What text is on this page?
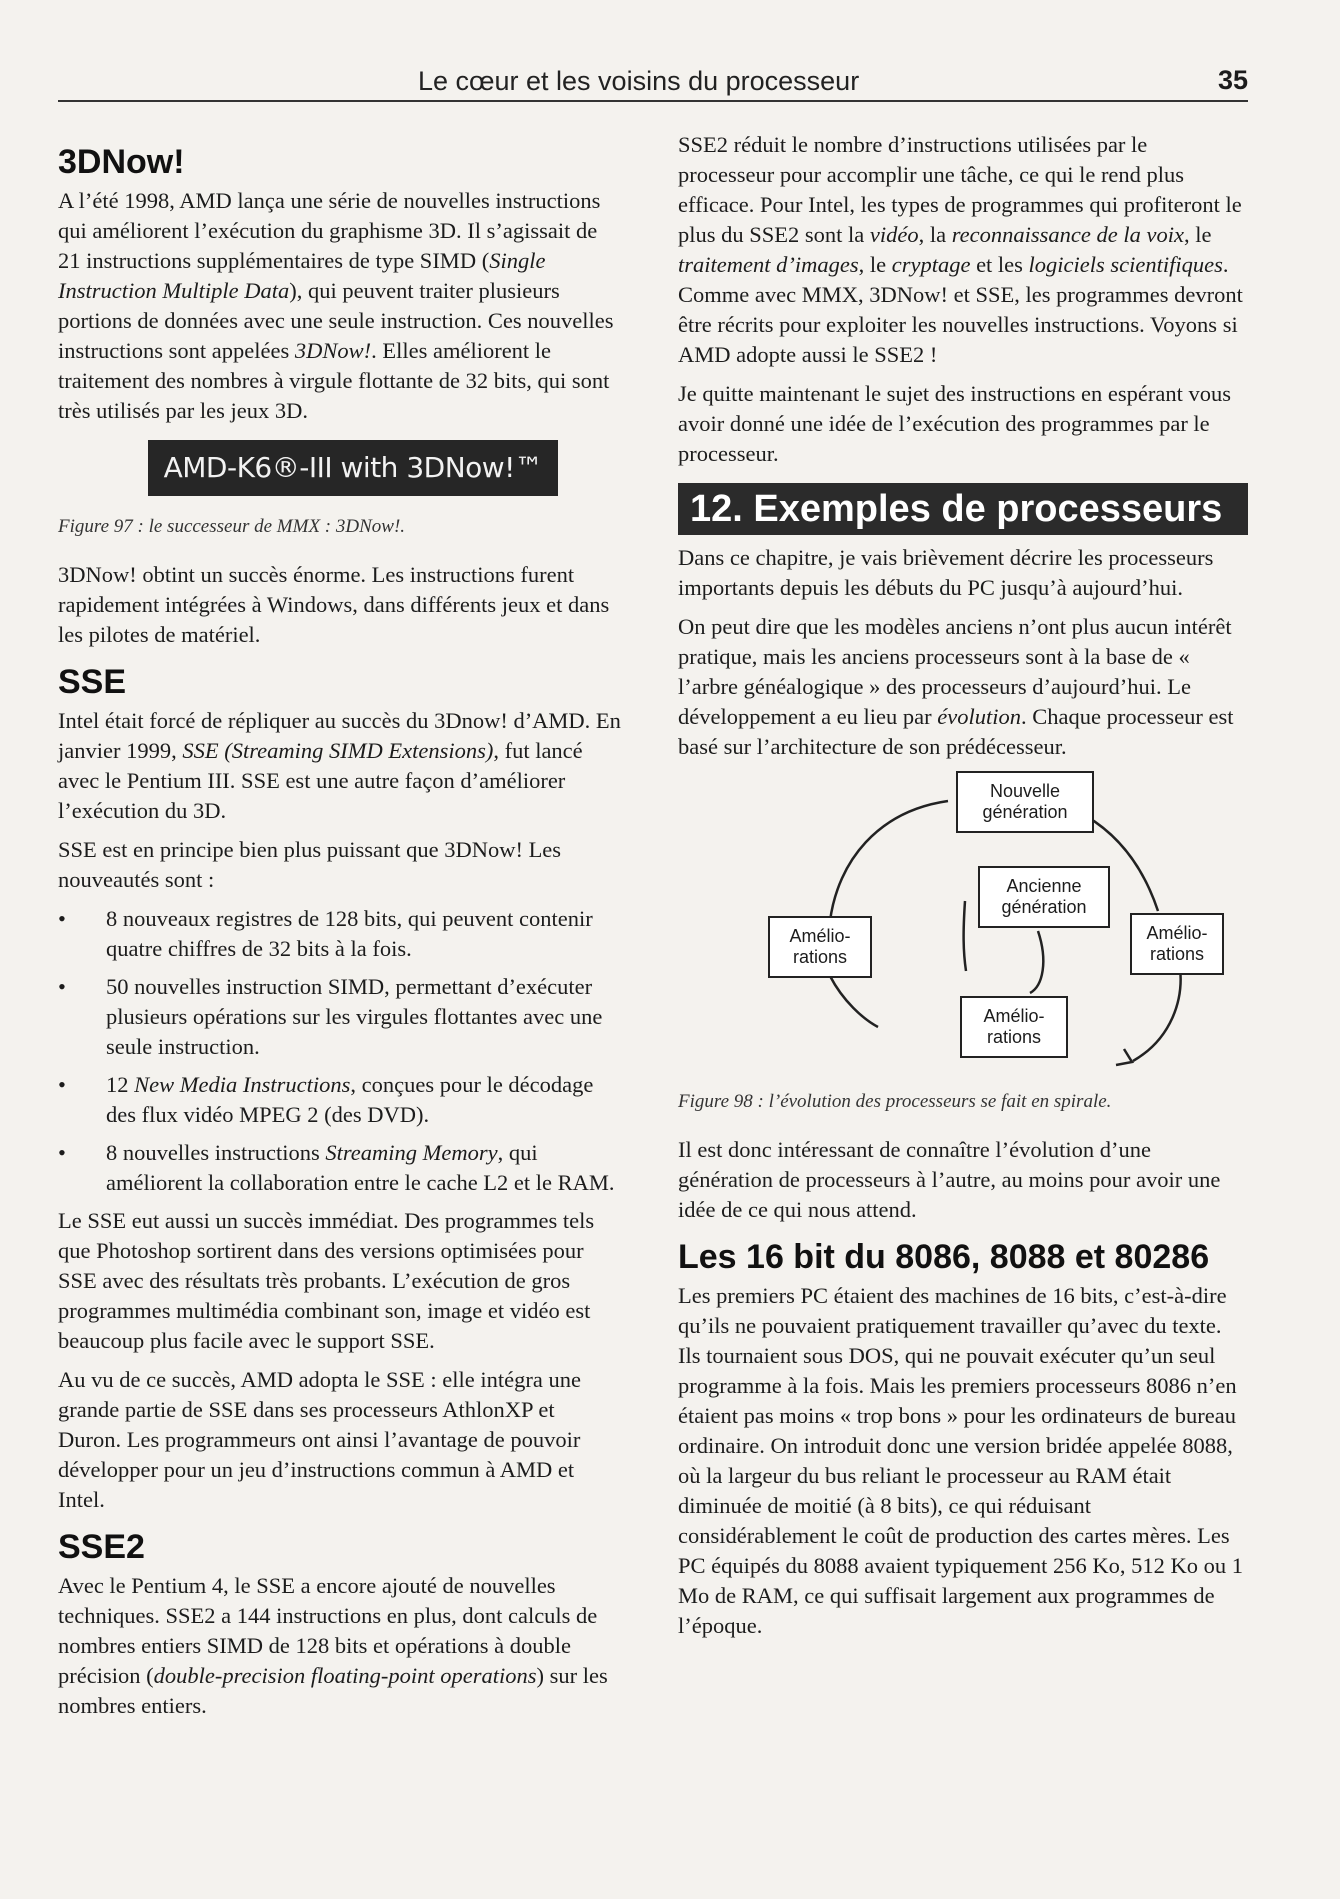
Le cœur et les voisins du processeur	35
3DNow!

A l’été 1998, AMD lança une série de nouvelles instructions qui améliorent l’exécution du graphisme 3D. Il s’agissait de 21 instructions supplémentaires de type SIMD (Single Instruction Multiple Data), qui peuvent traiter plusieurs portions de données avec une seule instruction. Ces nouvelles instructions sont appelées 3DNow!. Elles améliorent le traitement des nombres à virgule flottante de 32 bits, qui sont très utilisés par les jeux 3D.

AMD-K6®-III with 3DNow!™
Figure 97 : le successeur de MMX : 3DNow!.

3DNow! obtint un succès énorme. Les instructions furent rapidement intégrées à Windows, dans différents jeux et dans les pilotes de matériel.

SSE

Intel était forcé de répliquer au succès du 3Dnow! d’AMD. En janvier 1999, SSE (Streaming SIMD Extensions), fut lancé avec le Pentium III. SSE est une autre façon d’améliorer l’exécution du 3D.

SSE est en principe bien plus puissant que 3DNow! Les nouveautés sont :

• 8 nouveaux registres de 128 bits, qui peuvent contenir quatre chiffres de 32 bits à la fois.
• 50 nouvelles instruction SIMD, permettant d’exécuter plusieurs opérations sur les virgules flottantes avec une seule instruction.
• 12 New Media Instructions, conçues pour le décodage des flux vidéo MPEG 2 (des DVD).
• 8 nouvelles instructions Streaming Memory, qui améliorent la collaboration entre le cache L2 et le RAM.

Le SSE eut aussi un succès immédiat. Des programmes tels que Photoshop sortirent dans des versions optimisées pour SSE avec des résultats très probants. L’exécution de gros programmes multimédia combinant son, image et vidéo est beaucoup plus facile avec le support SSE.

Au vu de ce succès, AMD adopta le SSE : elle intégra une grande partie de SSE dans ses processeurs AthlonXP et Duron. Les programmeurs ont ainsi l’avantage de pouvoir développer pour un jeu d’instructions commun à AMD et Intel.

SSE2

Avec le Pentium 4, le SSE a encore ajouté de nouvelles techniques. SSE2 a 144 instructions en plus, dont calculs de nombres entiers SIMD de 128 bits et opérations à double précision (double-precision floating-point operations) sur les nombres entiers.

SSE2 réduit le nombre d’instructions utilisées par le processeur pour accomplir une tâche, ce qui le rend plus efficace. Pour Intel, les types de programmes qui profiteront le plus du SSE2 sont la vidéo, la reconnaissance de la voix, le traitement d’images, le cryptage et les logiciels scientifiques. Comme avec MMX, 3DNow! et SSE, les programmes devront être récrits pour exploiter les nouvelles instructions. Voyons si AMD adopte aussi le SSE2 !

Je quitte maintenant le sujet des instructions en espérant vous avoir donné une idée de l’exécution des programmes par le processeur.

12. Exemples de processeurs

Dans ce chapitre, je vais brièvement décrire les processeurs importants depuis les débuts du PC jusqu’à aujourd’hui.

On peut dire que les modèles anciens n’ont plus aucun intérêt pratique, mais les anciens processeurs sont à la base de « l’arbre généalogique » des processeurs d’aujourd’hui. Le développement a eu lieu par évolution. Chaque processeur est basé sur l’architecture de son prédécesseur.

Nouvelle génération
Ancienne génération
Amélio-rations
Amélio-rations
Amélio-rations
Figure 98 : l’évolution des processeurs se fait en spirale.

Il est donc intéressant de connaître l’évolution d’une génération de processeurs à l’autre, au moins pour avoir une idée de ce qui nous attend.

Les 16 bit du 8086, 8088 et 80286

Les premiers PC étaient des machines de 16 bits, c’est-à-dire qu’ils ne pouvaient pratiquement travailler qu’avec du texte. Ils tournaient sous DOS, qui ne pouvait exécuter qu’un seul programme à la fois. Mais les premiers processeurs 8086 n’en étaient pas moins « trop bons » pour les ordinateurs de bureau ordinaire. On introduit donc une version bridée appelée 8088, où la largeur du bus reliant le processeur au RAM était diminuée de moitié (à 8 bits), ce qui réduisant considérablement le coût de production des cartes mères. Les PC équipés du 8088 avaient typiquement 256 Ko, 512 Ko ou 1 Mo de RAM, ce qui suffisait largement aux programmes de l’époque.
